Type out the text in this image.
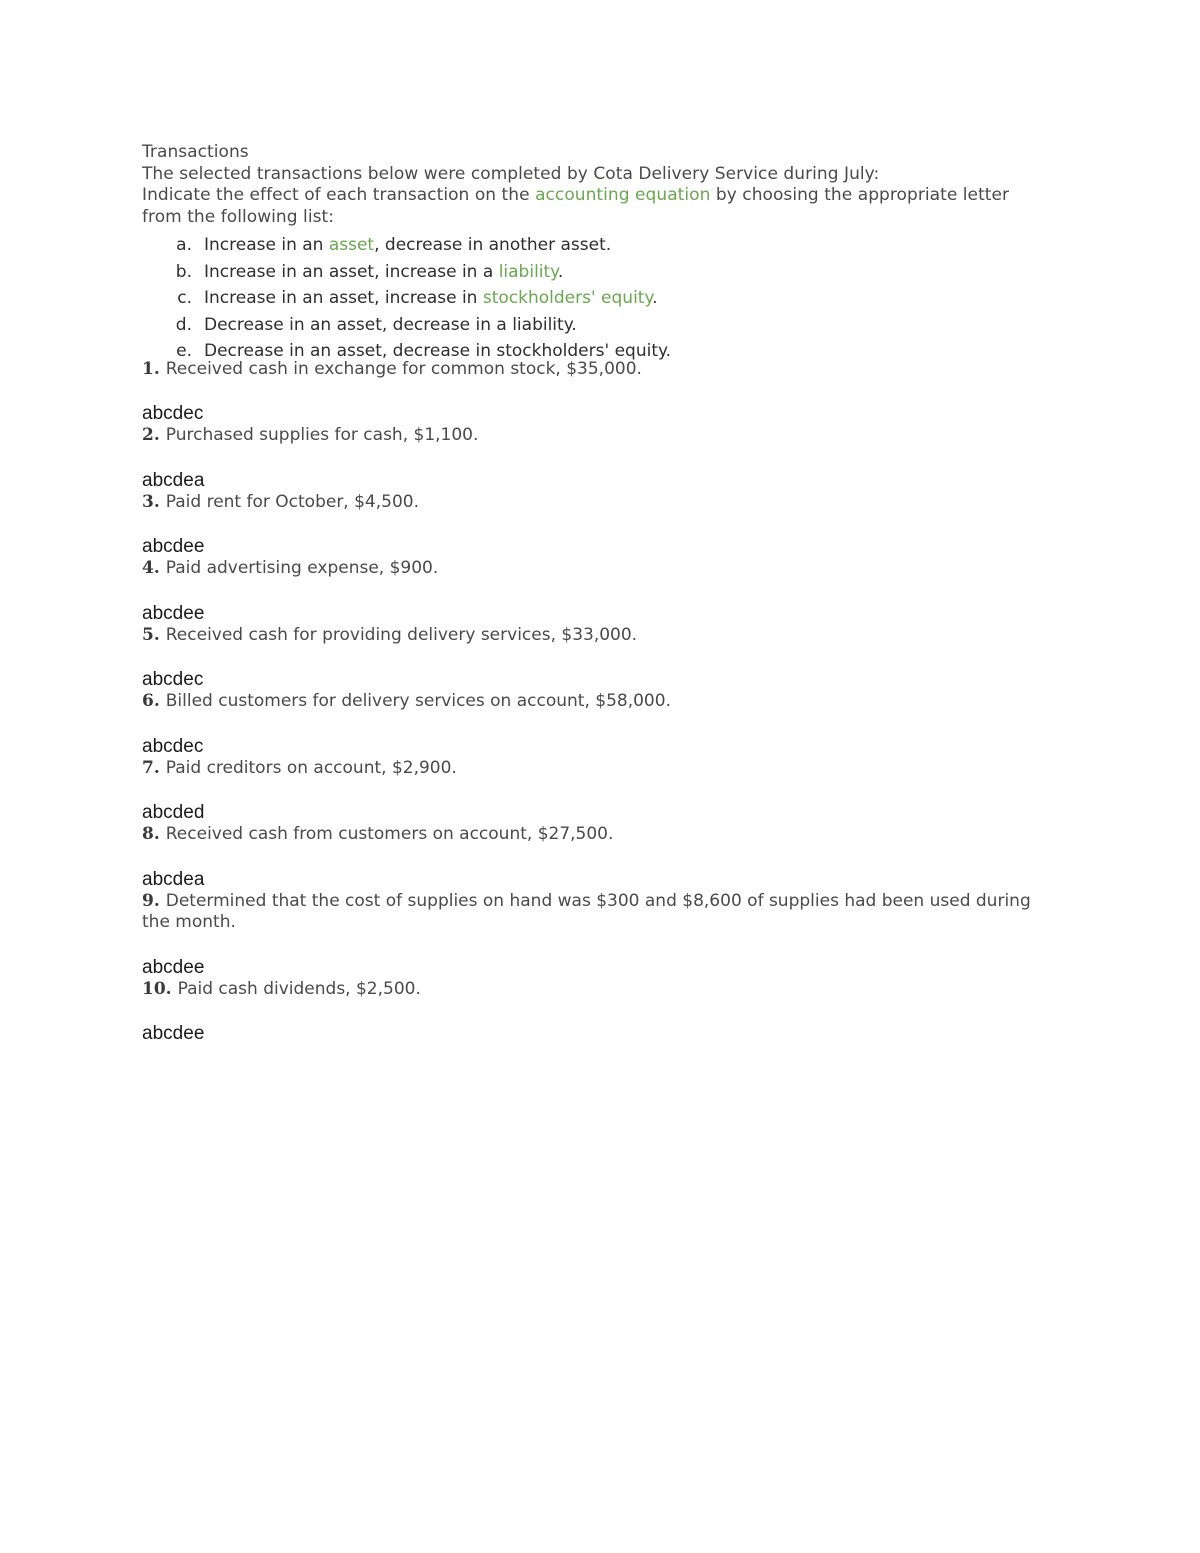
Transactions

The selected transactions below were completed by Cota Delivery Service during July:

Indicate the effect of each transaction on the accounting equation by choosing the appropriate letter from the following list:

a. Increase in an asset, decrease in another asset.
b. Increase in an asset, increase in a liability.
c. Increase in an asset, increase in stockholders' equity.
d. Decrease in an asset, decrease in a liability.
e. Decrease in an asset, decrease in stockholders' equity.
1. Received cash in exchange for common stock, $35,000.
a b c d e c
2. Purchased supplies for cash, $1,100.
a b c d e a
3. Paid rent for October, $4,500.
a b c d e e
4. Paid advertising expense, $900.
a b c d e e
5. Received cash for providing delivery services, $33,000.
a b c d e c
6. Billed customers for delivery services on account, $58,000.
a b c d e c
7. Paid creditors on account, $2,900.
a b c d e d
8. Received cash from customers on account, $27,500.
a b c d e a
9. Determined that the cost of supplies on hand was $300 and $8,600 of supplies had been used during the month.
a b c d e e
10. Paid cash dividends, $2,500.
a b c d e e
